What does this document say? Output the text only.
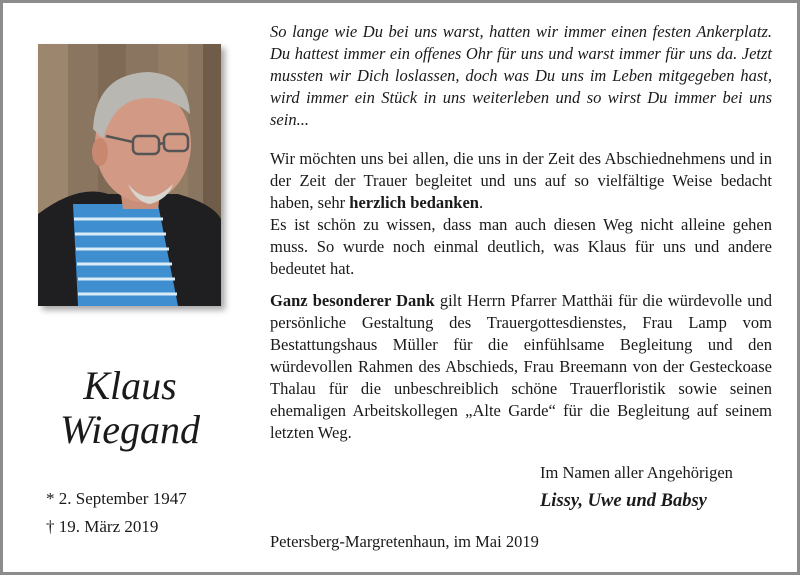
Klaus
Wiegand
* 2. September 1947
† 19. März 2019
So lange wie Du bei uns warst, hatten wir immer einen festen Ankerplatz. Du hattest immer ein offenes Ohr für uns und warst immer für uns da. Jetzt mussten wir Dich loslassen, doch was Du uns im Leben mitgegeben hast, wird immer ein Stück in uns weiterleben und so wirst Du immer bei uns sein...
Wir möchten uns bei allen, die uns in der Zeit des Abschiednehmens und in der Zeit der Trauer begleitet und uns auf so vielfältige Weise bedacht haben, sehr herzlich bedanken.
Es ist schön zu wissen, dass man auch diesen Weg nicht alleine gehen muss. So wurde noch einmal deutlich, was Klaus für uns und andere bedeutet hat.
Ganz besonderer Dank gilt Herrn Pfarrer Matthäi für die würdevolle und persönliche Gestaltung des Trauergottesdienstes, Frau Lamp vom Bestattungshaus Müller für die einfühlsame Begleitung und den würdevollen Rahmen des Abschieds, Frau Breemann von der Gesteckoase Thalau für die unbeschreiblich schöne Trauerfloristik sowie seinen ehemaligen Arbeitskollegen „Alte Garde“ für die Begleitung auf seinem letzten Weg.
Im Namen aller Angehörigen
Lissy, Uwe und Babsy
Petersberg-Margretenhaun, im Mai 2019
